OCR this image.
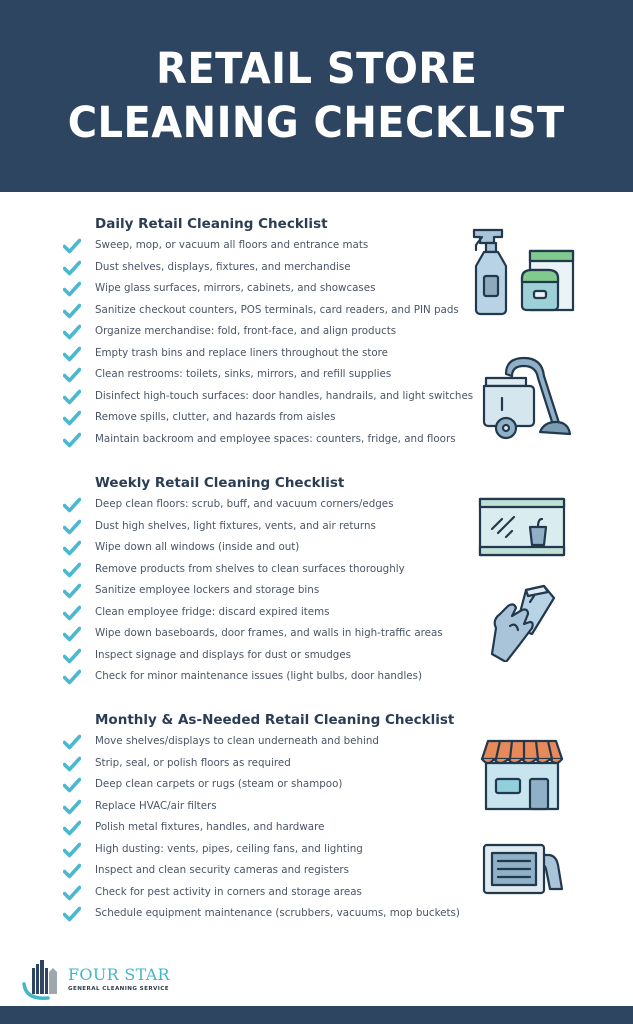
RETAIL STORE
CLEANING CHECKLIST
Daily Retail Cleaning Checklist
Sweep, mop, or vacuum all floors and entrance mats
Dust shelves, displays, fixtures, and merchandise
Wipe glass surfaces, mirrors, cabinets, and showcases
Sanitize checkout counters, POS terminals, card readers, and PIN pads
Organize merchandise: fold, front-face, and align products
Empty trash bins and replace liners throughout the store
Clean restrooms: toilets, sinks, mirrors, and refill supplies
Disinfect high-touch surfaces: door handles, handrails, and light switches
Remove spills, clutter, and hazards from aisles
Maintain backroom and employee spaces: counters, fridge, and floors
Weekly Retail Cleaning Checklist
Deep clean floors: scrub, buff, and vacuum corners/edges
Dust high shelves, light fixtures, vents, and air returns
Wipe down all windows (inside and out)
Remove products from shelves to clean surfaces thoroughly
Sanitize employee lockers and storage bins
Clean employee fridge: discard expired items
Wipe down baseboards, door frames, and walls in high-traffic areas
Inspect signage and displays for dust or smudges
Check for minor maintenance issues (light bulbs, door handles)
Monthly & As-Needed Retail Cleaning Checklist
Move shelves/displays to clean underneath and behind
Strip, seal, or polish floors as required
Deep clean carpets or rugs (steam or shampoo)
Replace HVAC/air filters
Polish metal fixtures, handles, and hardware
High dusting: vents, pipes, ceiling fans, and lighting
Inspect and clean security cameras and registers
Check for pest activity in corners and storage areas
Schedule equipment maintenance (scrubbers, vacuums, mop buckets)
FOUR STAR
GENERAL CLEANING SERVICE
